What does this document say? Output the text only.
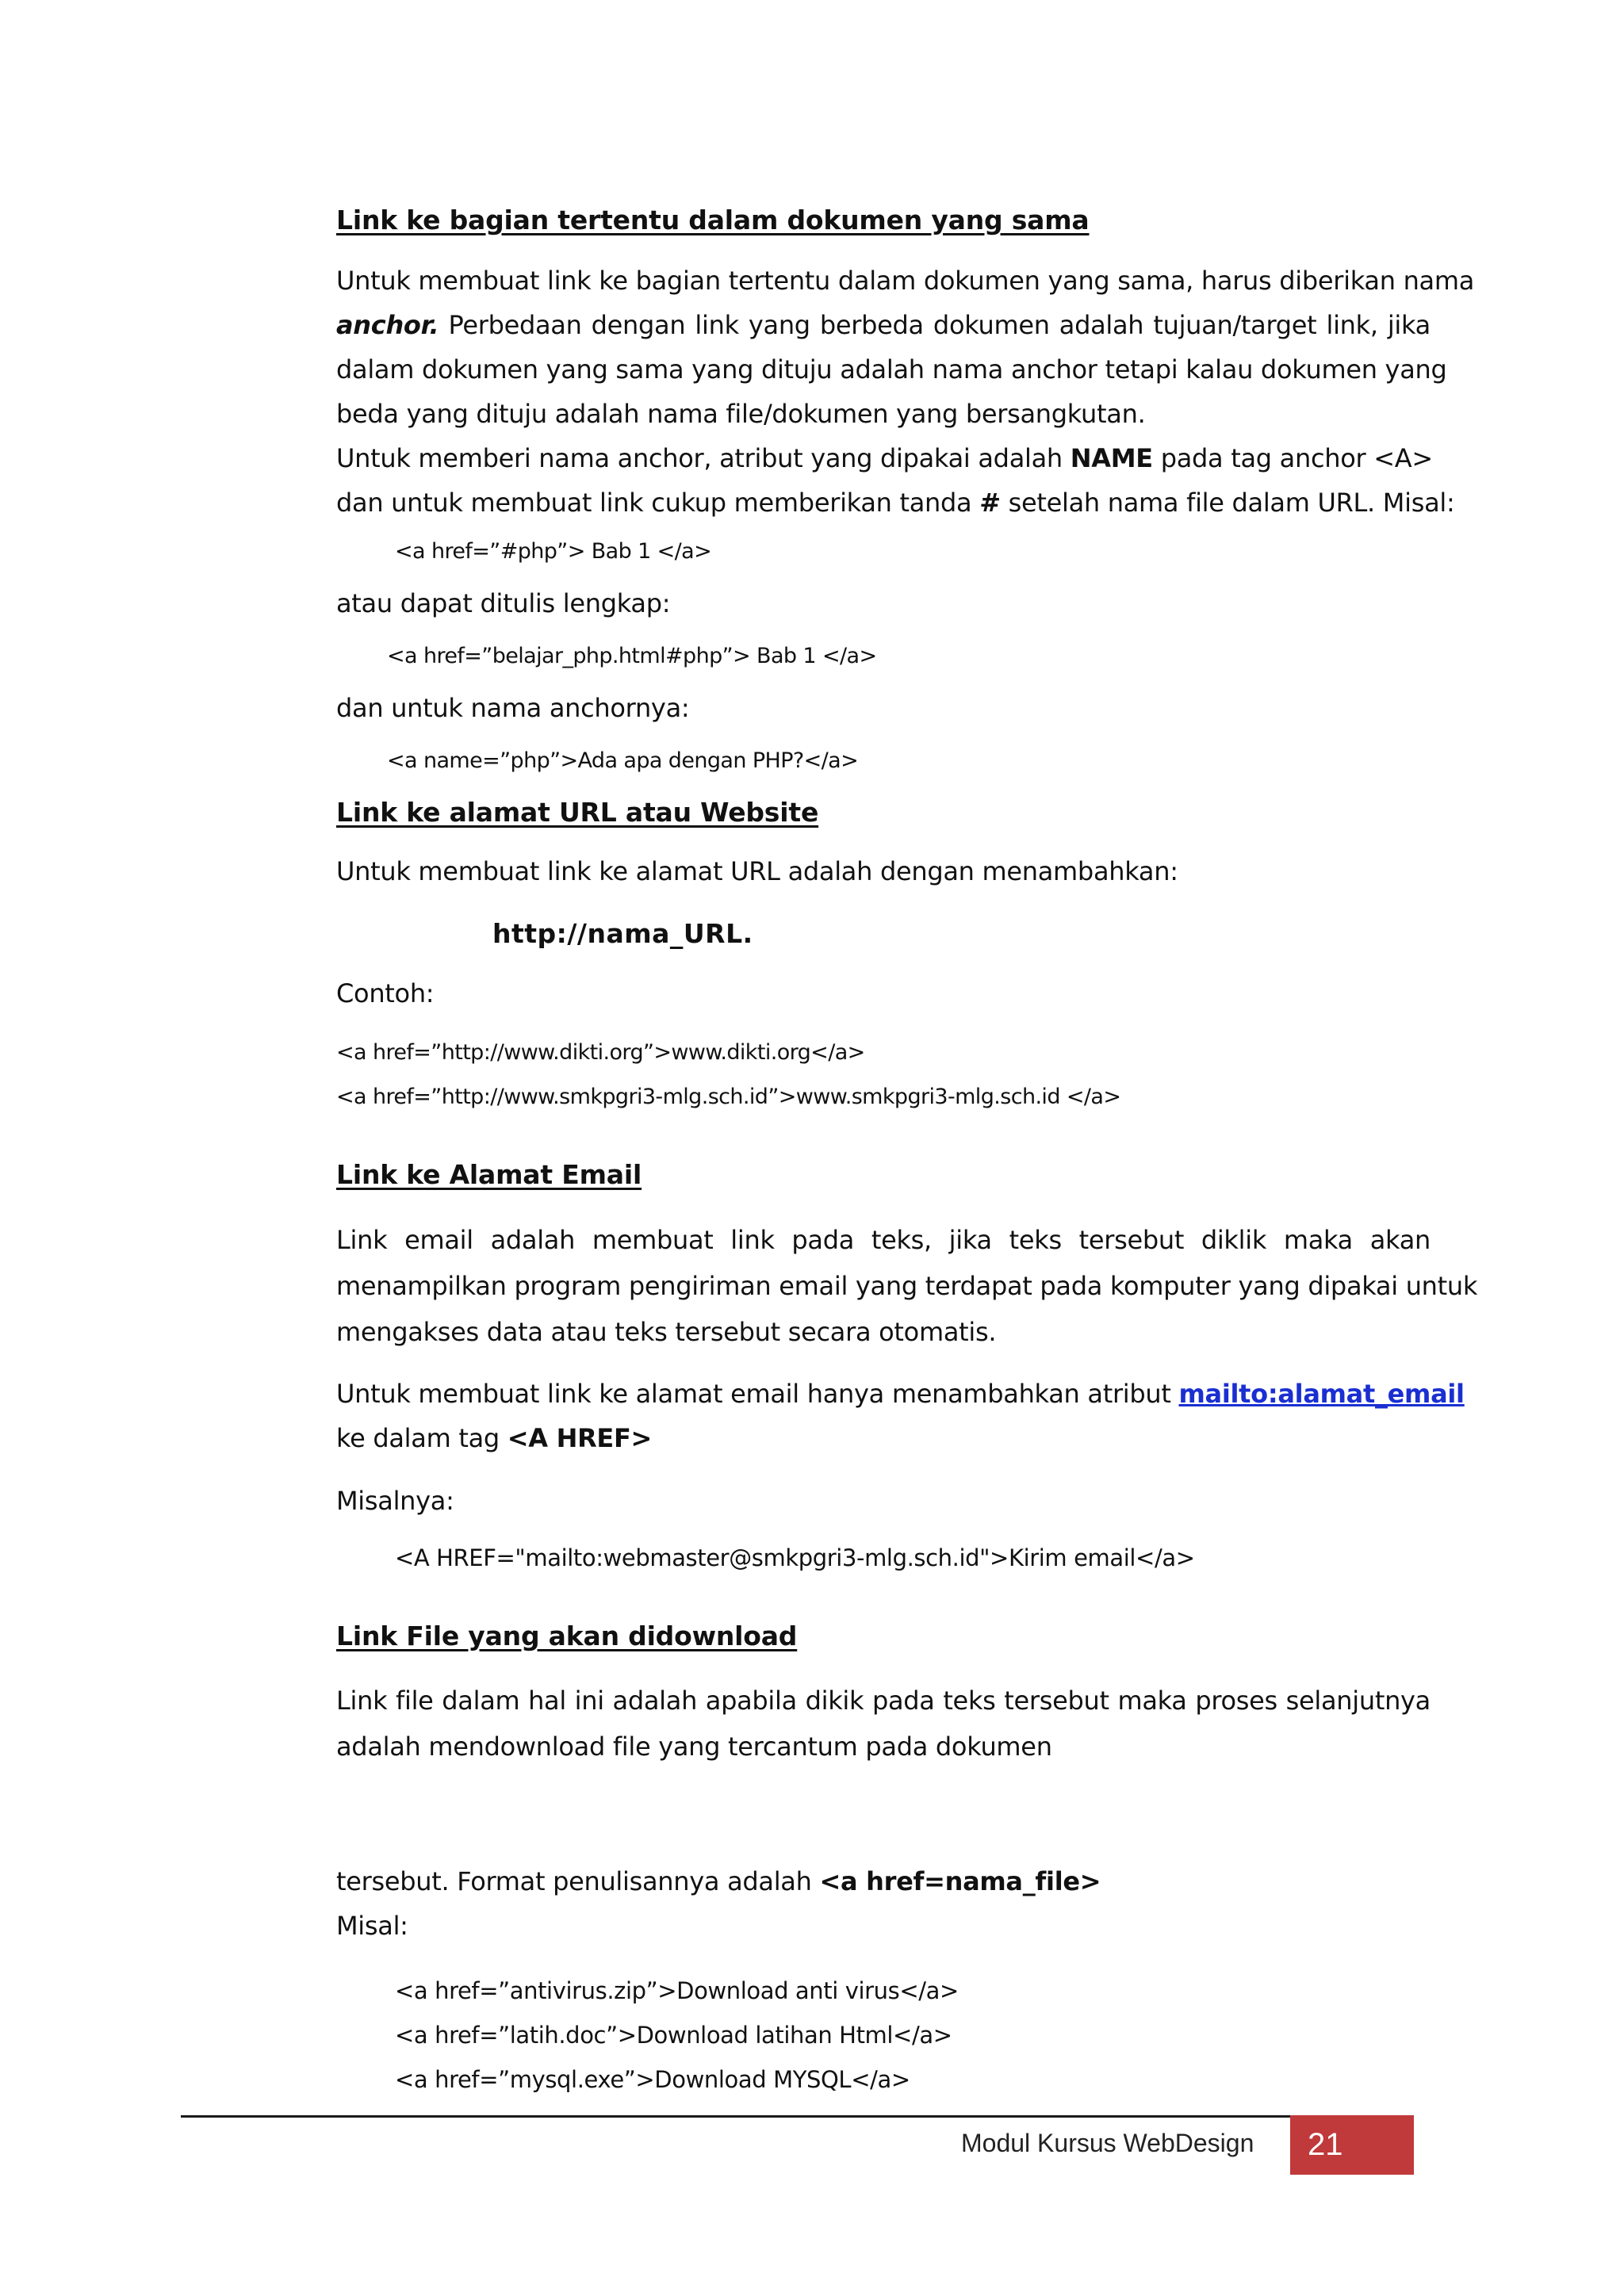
Link ke bagian tertentu dalam dokumen yang sama
Untuk membuat link ke bagian tertentu dalam dokumen yang sama, harus diberikan nama
anchor. Perbedaan dengan link yang berbeda dokumen adalah tujuan/target link, jika
dalam dokumen yang sama yang dituju adalah nama anchor tetapi kalau dokumen yang
beda yang dituju adalah nama file/dokumen yang bersangkutan.
Untuk memberi nama anchor, atribut yang dipakai adalah NAME pada tag anchor <A>
dan untuk membuat link cukup memberikan tanda # setelah nama file dalam URL. Misal:
<a href=”#php”> Bab 1 </a>
atau dapat ditulis lengkap:
<a href=”belajar_php.html#php”> Bab 1 </a>
dan untuk nama anchornya:
<a name=”php”>Ada apa dengan PHP?</a>
Link ke alamat URL atau Website
Untuk membuat link ke alamat URL adalah dengan menambahkan:
http://nama_URL.
Contoh:
<a href=”http://www.dikti.org”>www.dikti.org</a>
<a href=”http://www.smkpgri3-mlg.sch.id”>www.smkpgri3-mlg.sch.id </a>
Link ke Alamat Email
Link email adalah membuat link pada teks, jika teks tersebut diklik maka akan
menampilkan program pengiriman email yang terdapat pada komputer yang dipakai untuk
mengakses data atau teks tersebut secara otomatis.
Untuk membuat link ke alamat email hanya menambahkan atribut mailto:alamat_email
ke dalam tag <A HREF>
Misalnya:
<A HREF="mailto:webmaster@smkpgri3-mlg.sch.id">Kirim email</a>
Link File yang akan didownload
Link file dalam hal ini adalah apabila dikik pada teks tersebut maka proses selanjutnya
adalah mendownload file yang tercantum pada dokumen
tersebut. Format penulisannya adalah <a href=nama_file>
Misal:
<a href=”antivirus.zip”>Download anti virus</a>
<a href=”latih.doc”>Download latihan Html</a>
<a href=”mysql.exe”>Download MYSQL</a>
Modul Kursus WebDesign	21
